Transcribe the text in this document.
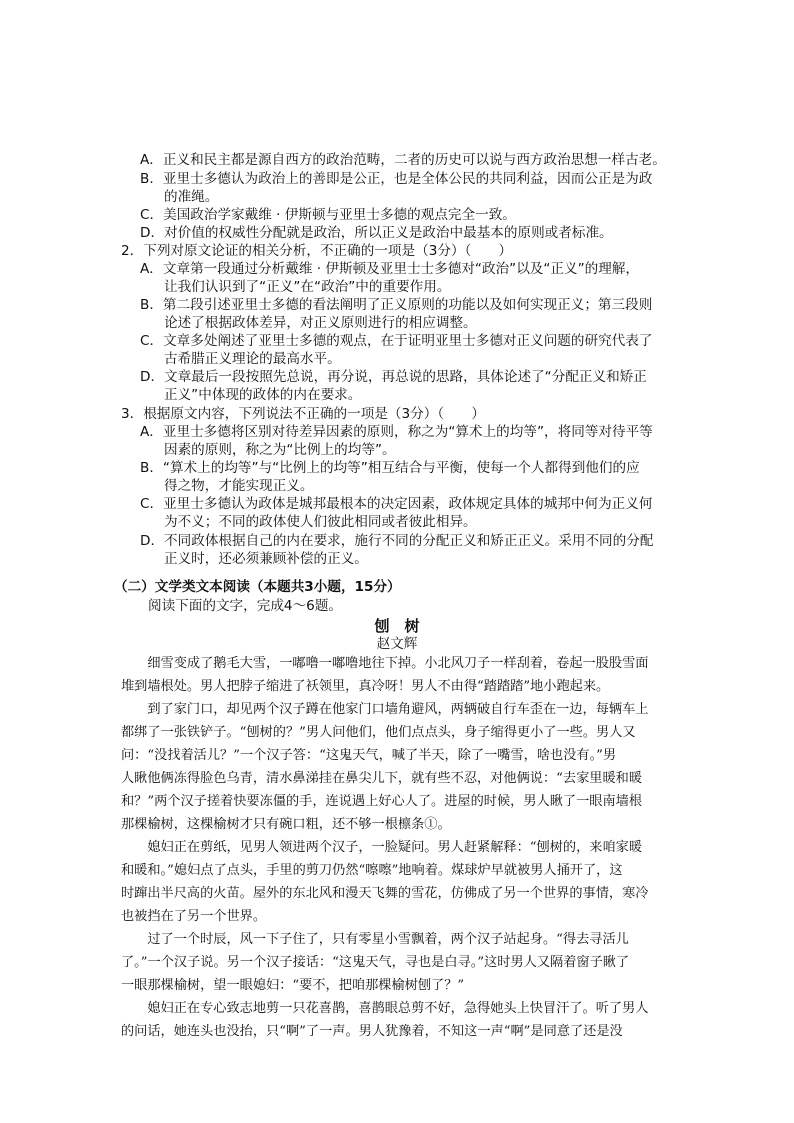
A．正义和民主都是源自西方的政治范畴，二者的历史可以说与西方政治思想一样古老。
B．亚里士多德认为政治上的善即是公正，也是全体公民的共同利益，因而公正是为政
的准绳。
C．美国政治学家戴维 · 伊斯顿与亚里士多德的观点完全一致。
D．对价值的权威性分配就是政治，所以正义是政治中最基本的原则或者标准。
2．下列对原文论证的相关分析，不正确的一项是（3分）（　　）
A．文章第一段通过分析戴维 · 伊斯顿及亚里士士多德对“政治”以及“正义”的理解，
让我们认识到了“正义”在“政治”中的重要作用。
B．第二段引述亚里士多德的看法阐明了正义原则的功能以及如何实现正义；第三段则
论述了根据政体差异，对正义原则进行的相应调整。
C．文章多处阐述了亚里士多德的观点，在于证明亚里士多德对正义问题的研究代表了
古希腊正义理论的最高水平。
D．文章最后一段按照先总说，再分说，再总说的思路，具体论述了“分配正义和矫正
正义”中体现的政体的内在要求。
3．根据原文内容，下列说法不正确的一项是（3分）（　　）
A．亚里士多德将区别对待差异因素的原则，称之为“算术上的均等”，将同等对待平等
因素的原则，称之为“比例上的均等”。
B．“算术上的均等”与“比例上的均等”相互结合与平衡，使每一个人都得到他们的应
得之物，才能实现正义。
C．亚里士多德认为政体是城邦最根本的决定因素，政体规定具体的城邦中何为正义何
为不义；不同的政体使人们彼此相同或者彼此相异。
D．不同政体根据自己的内在要求，施行不同的分配正义和矫正正义。采用不同的分配
正义时，还必须兼顾补偿的正义。
（二）文学类文本阅读（本题共3小题，15分）
阅读下面的文字，完成4～6题。
刨　树
赵文辉
　　细雪变成了鹅毛大雪，一嘟噜一嘟噜地往下掉。小北风刀子一样刮着，卷起一股股雪面
堆到墙根处。男人把脖子缩进了袄领里，真冷呀！男人不由得“踏踏踏”地小跑起来。
　　到了家门口，却见两个汉子蹲在他家门口墙角避风，两辆破自行车歪在一边，每辆车上
都绑了一张铁铲子。“刨树的？”男人问他们，他们点点头，身子缩得更小了一些。男人又
问：“没找着活儿？”一个汉子答：“这鬼天气，喊了半天，除了一嘴雪，啥也没有。”男
人瞅他俩冻得脸色乌青，清水鼻涕挂在鼻尖儿下，就有些不忍，对他俩说：“去家里暖和暖
和？”两个汉子搓着快要冻僵的手，连说遇上好心人了。进屋的时候，男人瞅了一眼南墙根
那棵榆树，这棵榆树才只有碗口粗，还不够一根檩条①。
　　媳妇正在剪纸，见男人领进两个汉子，一脸疑问。男人赶紧解释：“刨树的，来咱家暖
和暖和。”媳妇点了点头，手里的剪刀仍然“嚓嚓”地响着。煤球炉早就被男人捅开了，这
时蹿出半尺高的火苗。屋外的东北风和漫天飞舞的雪花，仿佛成了另一个世界的事情，寒冷
也被挡在了另一个世界。
　　过了一个时辰，风一下子住了，只有零星小雪飘着，两个汉子站起身。“得去寻活儿
了。”一个汉子说。另一个汉子接话：“这鬼天气，寻也是白寻。”这时男人又隔着窗子瞅了
一眼那棵榆树，望一眼媳妇：“要不，把咱那棵榆树刨了？”
　　媳妇正在专心致志地剪一只花喜鹊，喜鹊眼总剪不好，急得她头上快冒汗了。听了男人
的问话，她连头也没抬，只“啊”了一声。男人犹豫着，不知这一声“啊”是同意了还是没
